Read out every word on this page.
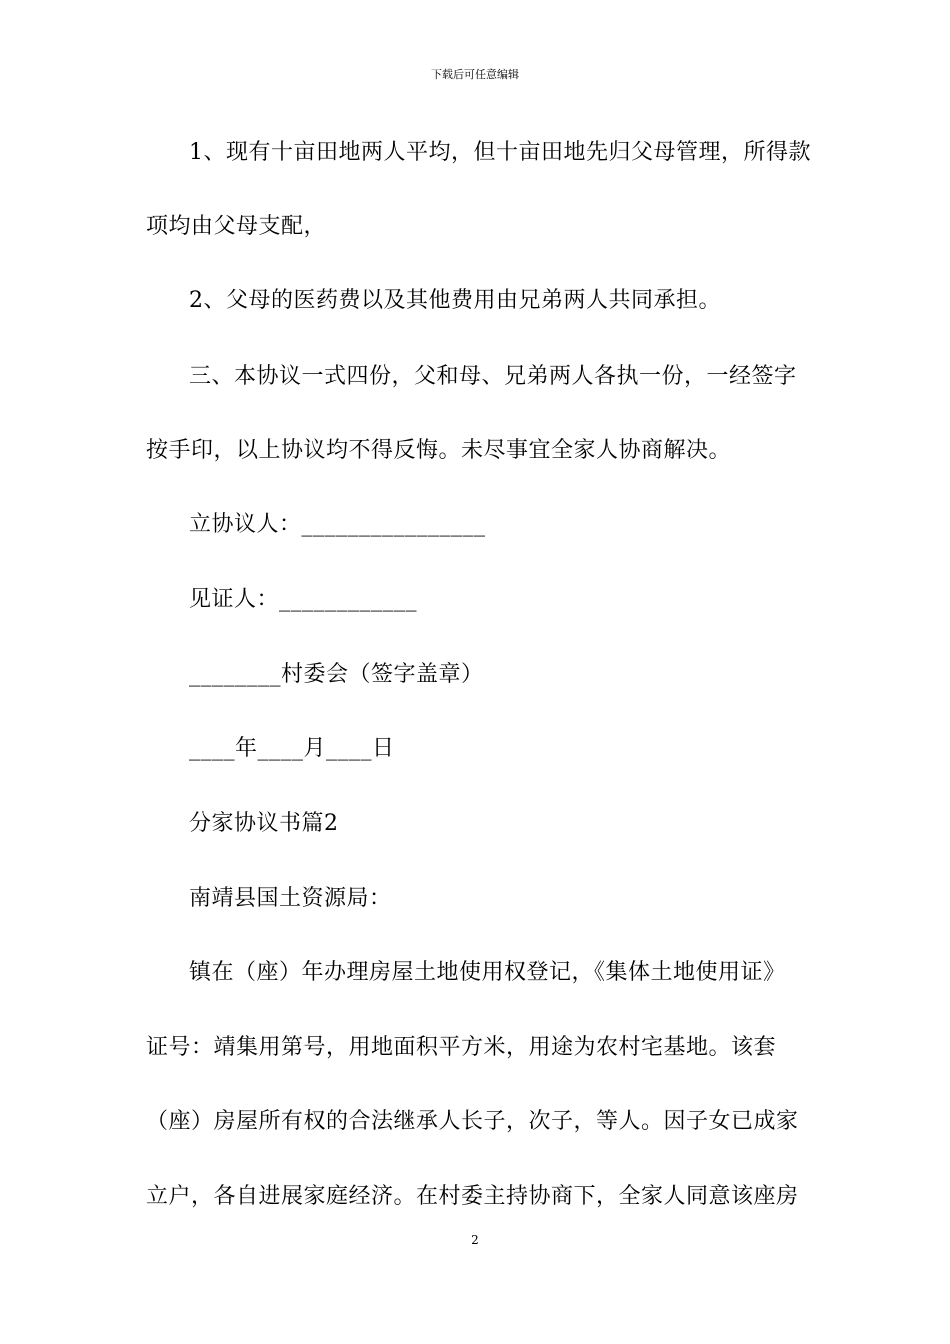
下载后可任意编辑
1、现有十亩田地两人平均，但十亩田地先归父母管理，所得款
项均由父母支配，
2、父母的医药费以及其他费用由兄弟两人共同承担。
三、本协议一式四份，父和母、兄弟两人各执一份，一经签字
按手印，以上协议均不得反悔。未尽事宜全家人协商解决。
立协议人：________________
见证人：____________
________村委会（签字盖章）
____年____月____日
分家协议书篇2
南靖县国土资源局：
镇在（座）年办理房屋土地使用权登记，《集体土地使用证》
证号：靖集用第号，用地面积平方米，用途为农村宅基地。该套
（座）房屋所有权的合法继承人长子，次子，等人。因子女已成家
立户，各自进展家庭经济。在村委主持协商下，全家人同意该座房
2
